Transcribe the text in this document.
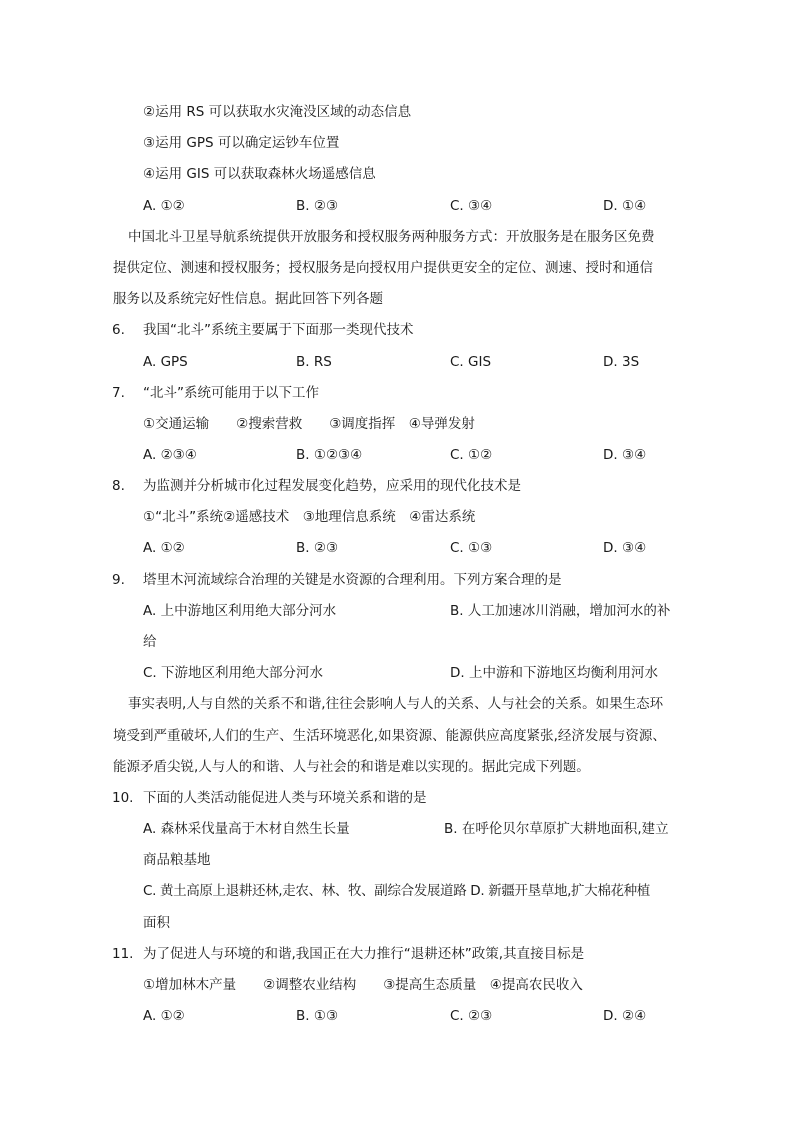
②运用 RS 可以获取水灾淹没区域的动态信息
③运用 GPS 可以确定运钞车位置
④运用 GIS 可以获取森林火场遥感信息
A. ①②	B. ②③	C. ③④	D. ①④
中国北斗卫星导航系统提供开放服务和授权服务两种服务方式：开放服务是在服务区免费
提供定位、测速和授权服务；授权服务是向授权用户提供更安全的定位、测速、授时和通信
服务以及系统完好性信息。据此回答下列各题
6. 我国“北斗”系统主要属于下面那一类现代技术
A. GPS	B. RS	C. GIS	D. 3S
7. “北斗”系统可能用于以下工作
①交通运输　　②搜索营救　　③调度指挥　④导弹发射
A. ②③④	B. ①②③④	C. ①②	D. ③④
8. 为监测并分析城市化过程发展变化趋势，应采用的现代化技术是
①“北斗”系统②遥感技术　③地理信息系统　④雷达系统
A. ①②	B. ②③	C. ①③	D. ③④
9. 塔里木河流域综合治理的关键是水资源的合理利用。下列方案合理的是
A. 上中游地区利用绝大部分河水	B. 人工加速冰川消融，增加河水的补
给
C. 下游地区利用绝大部分河水	D. 上中游和下游地区均衡利用河水
事实表明,人与自然的关系不和谐,往往会影响人与人的关系、人与社会的关系。如果生态环
境受到严重破坏,人们的生产、生活环境恶化,如果资源、能源供应高度紧张,经济发展与资源、
能源矛盾尖锐,人与人的和谐、人与社会的和谐是难以实现的。据此完成下列题。
10. 下面的人类活动能促进人类与环境关系和谐的是
A. 森林采伐量高于木材自然生长量	B. 在呼伦贝尔草原扩大耕地面积,建立
商品粮基地
C. 黄土高原上退耕还林,走农、林、牧、副综合发展道路 D. 新疆开垦草地,扩大棉花种植
面积
11. 为了促进人与环境的和谐,我国正在大力推行“退耕还林”政策,其直接目标是
①增加林木产量　　②调整农业结构　　③提高生态质量　④提高农民收入
A. ①②	B. ①③	C. ②③	D. ②④
